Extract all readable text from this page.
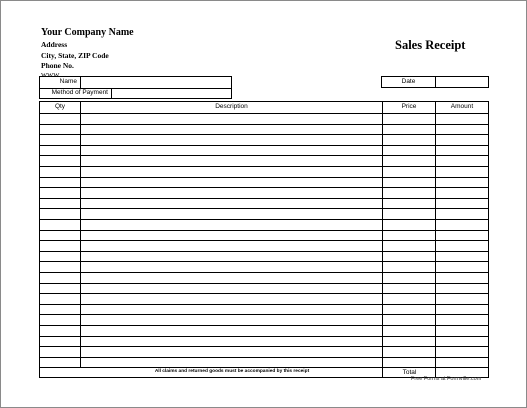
Your Company Name
Address
City, State, ZIP Code
Phone No.
WWW
Sales Receipt
Name
Method of Payment
Date
Qty	Description	Price	Amount
All claims and returned goods must be accompanied by this receipt	Total
Free Forms at Formville.com
